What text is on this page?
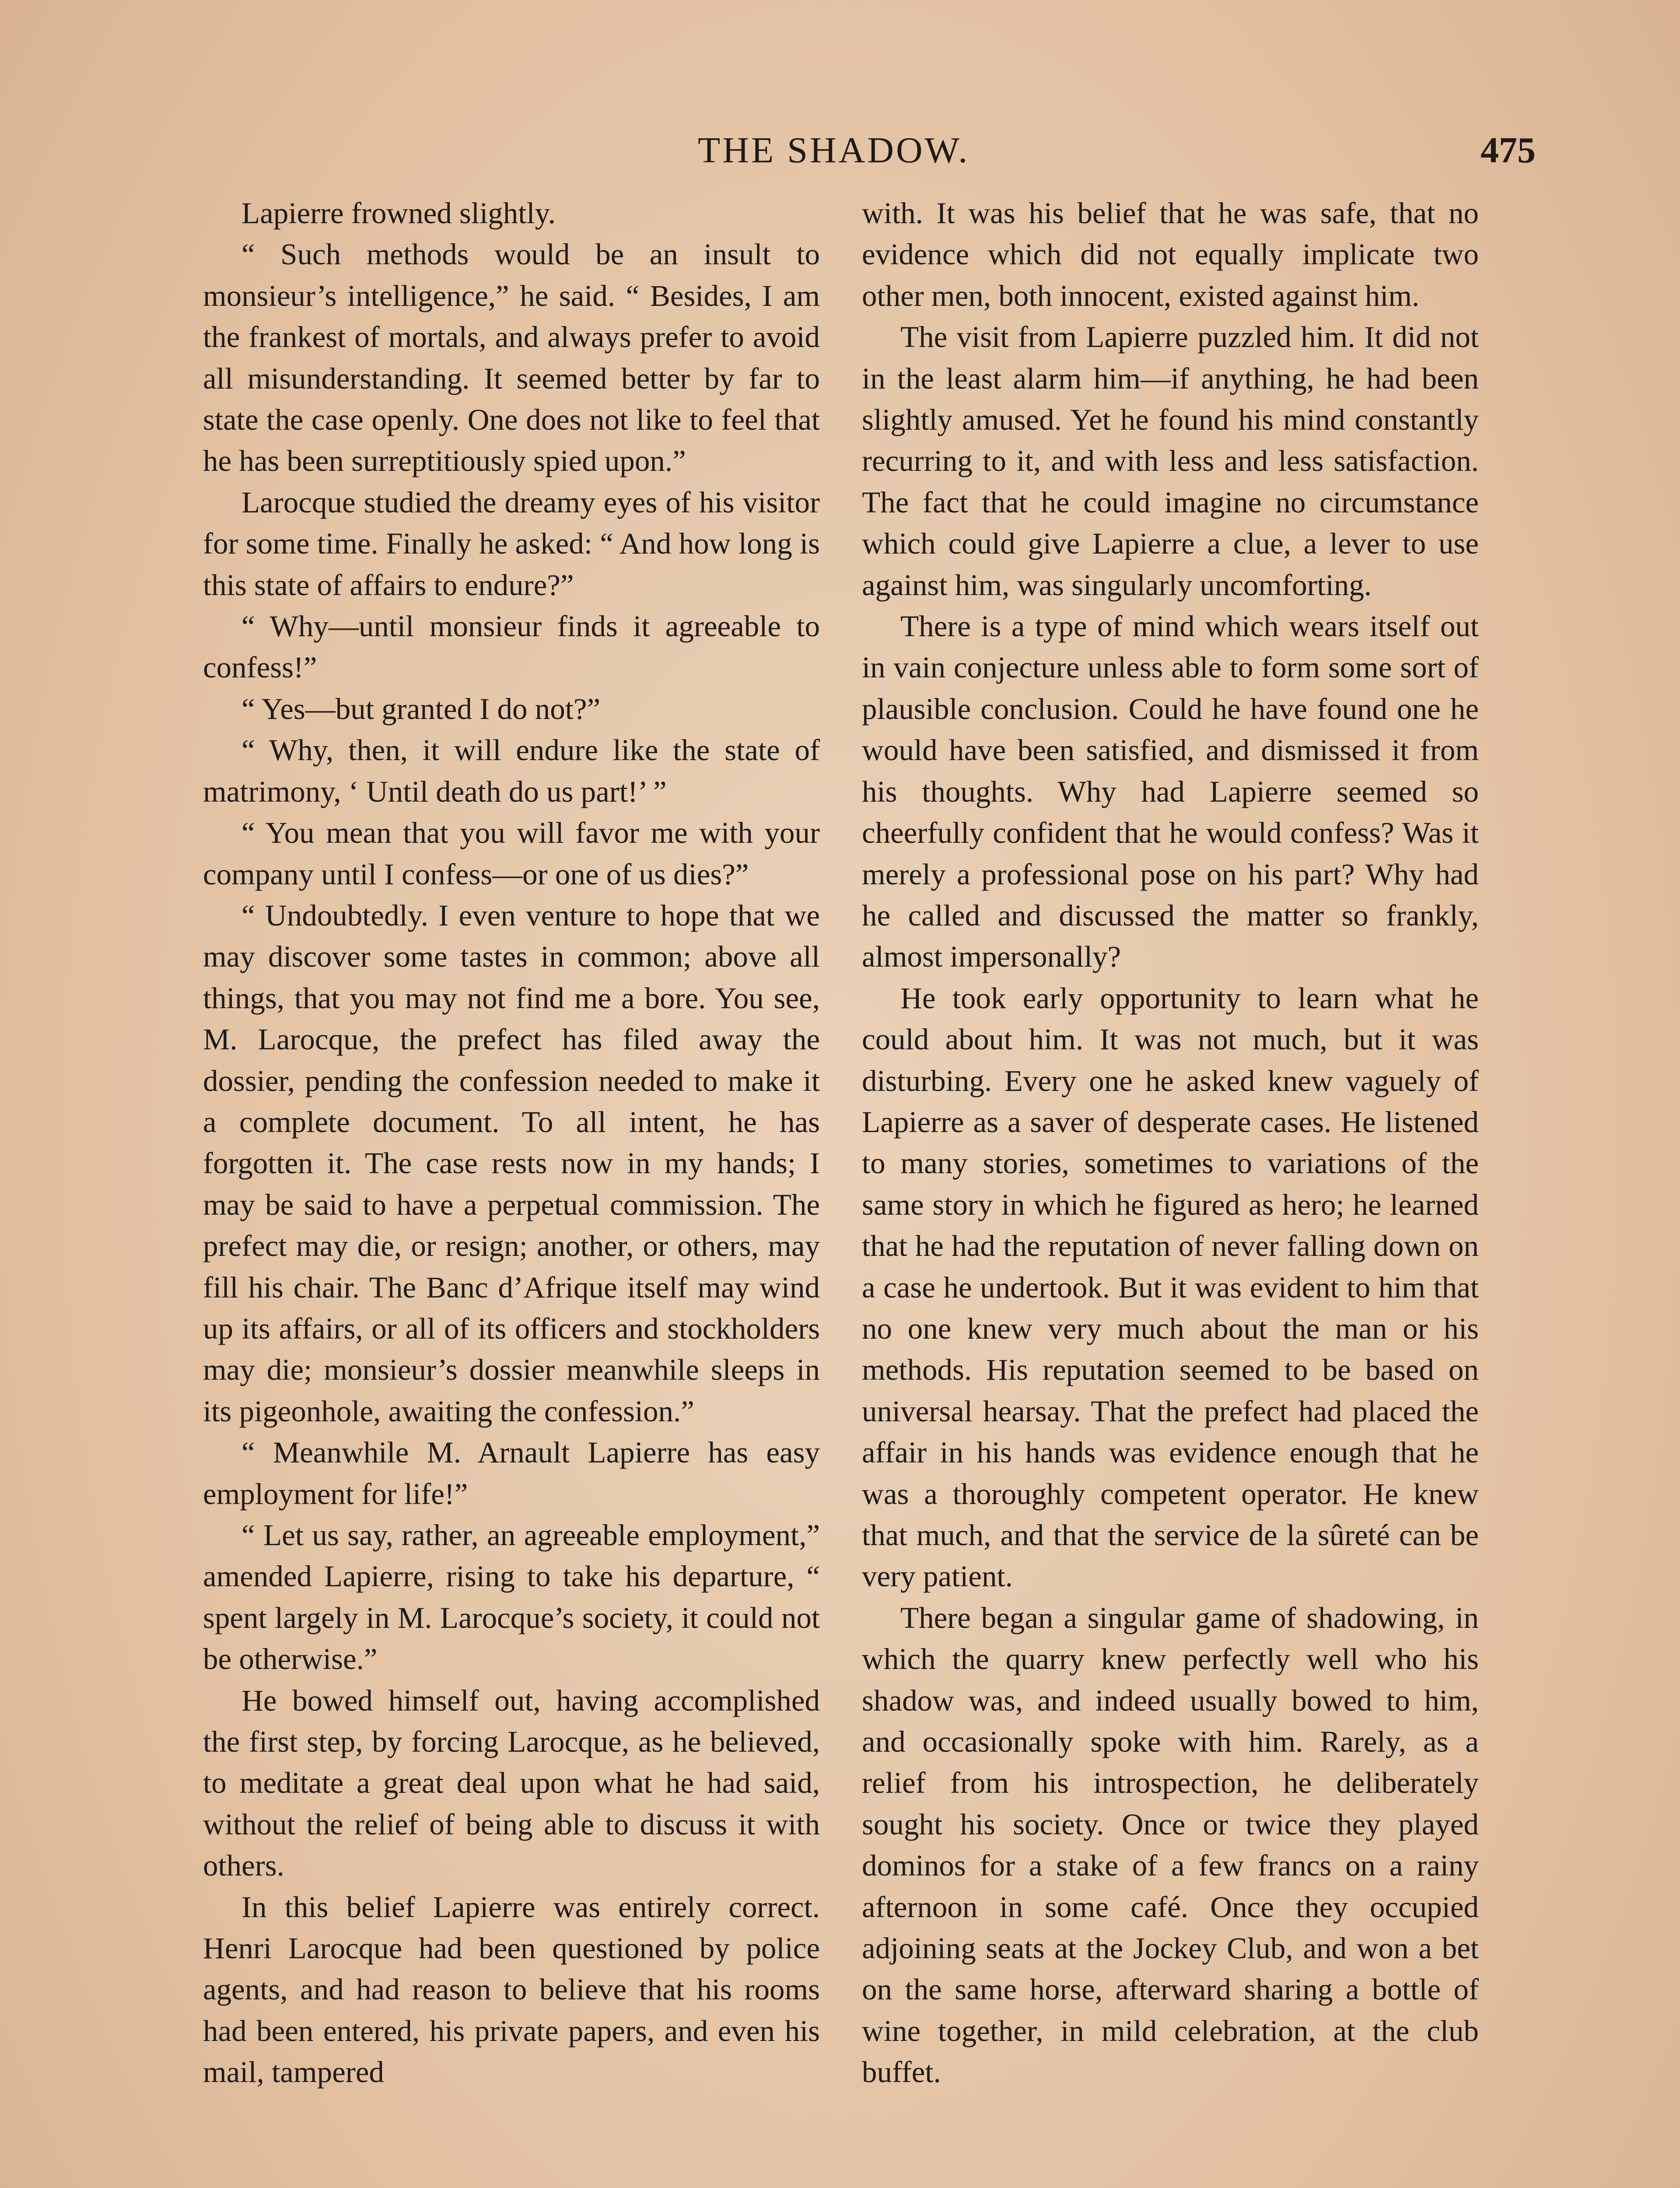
THE SHADOW.	475

Lapierre frowned slightly.

“ Such methods would be an insult to monsieur’s intelligence,” he said. “ Besides, I am the frankest of mortals, and always prefer to avoid all misunderstanding. It seemed better by far to state the case openly. One does not like to feel that he has been surreptitiously spied upon.”

Larocque studied the dreamy eyes of his visitor for some time. Finally he asked: “ And how long is this state of affairs to endure?”

“ Why—until monsieur finds it agreeable to confess!”

“ Yes—but granted I do not?”

“ Why, then, it will endure like the state of matrimony, ‘ Until death do us part!’ ”

“ You mean that you will favor me with your company until I confess—or one of us dies?”

“ Undoubtedly. I even venture to hope that we may discover some tastes in common; above all things, that you may not find me a bore. You see, M. Larocque, the prefect has filed away the dossier, pending the confession needed to make it a complete document. To all intent, he has forgotten it. The case rests now in my hands; I may be said to have a perpetual commission. The prefect may die, or resign; another, or others, may fill his chair. The Banc d’Afrique itself may wind up its affairs, or all of its officers and stockholders may die; monsieur’s dossier meanwhile sleeps in its pigeonhole, awaiting the confession.”

“ Meanwhile M. Arnault Lapierre has easy employment for life!”

“ Let us say, rather, an agreeable employment,” amended Lapierre, rising to take his departure, “ spent largely in M. Larocque’s society, it could not be otherwise.”

He bowed himself out, having accomplished the first step, by forcing Larocque, as he believed, to meditate a great deal upon what he had said, without the relief of being able to discuss it with others.

In this belief Lapierre was entirely correct. Henri Larocque had been questioned by police agents, and had reason to believe that his rooms had been entered, his private papers, and even his mail, tampered

with. It was his belief that he was safe, that no evidence which did not equally implicate two other men, both innocent, existed against him.

The visit from Lapierre puzzled him. It did not in the least alarm him—if anything, he had been slightly amused. Yet he found his mind constantly recurring to it, and with less and less satisfaction. The fact that he could imagine no circumstance which could give Lapierre a clue, a lever to use against him, was singularly uncomforting.

There is a type of mind which wears itself out in vain conjecture unless able to form some sort of plausible conclusion. Could he have found one he would have been satisfied, and dismissed it from his thoughts. Why had Lapierre seemed so cheerfully confident that he would confess? Was it merely a professional pose on his part? Why had he called and discussed the matter so frankly, almost impersonally?

He took early opportunity to learn what he could about him. It was not much, but it was disturbing. Every one he asked knew vaguely of Lapierre as a saver of desperate cases. He listened to many stories, sometimes to variations of the same story in which he figured as hero; he learned that he had the reputation of never falling down on a case he undertook. But it was evident to him that no one knew very much about the man or his methods. His reputation seemed to be based on universal hearsay. That the prefect had placed the affair in his hands was evidence enough that he was a thoroughly competent operator. He knew that much, and that the service de la sûreté can be very patient.

There began a singular game of shadowing, in which the quarry knew perfectly well who his shadow was, and indeed usually bowed to him, and occasionally spoke with him. Rarely, as a relief from his introspection, he deliberately sought his society. Once or twice they played dominos for a stake of a few francs on a rainy afternoon in some café. Once they occupied adjoining seats at the Jockey Club, and won a bet on the same horse, afterward sharing a bottle of wine together, in mild celebration, at the club buffet.
